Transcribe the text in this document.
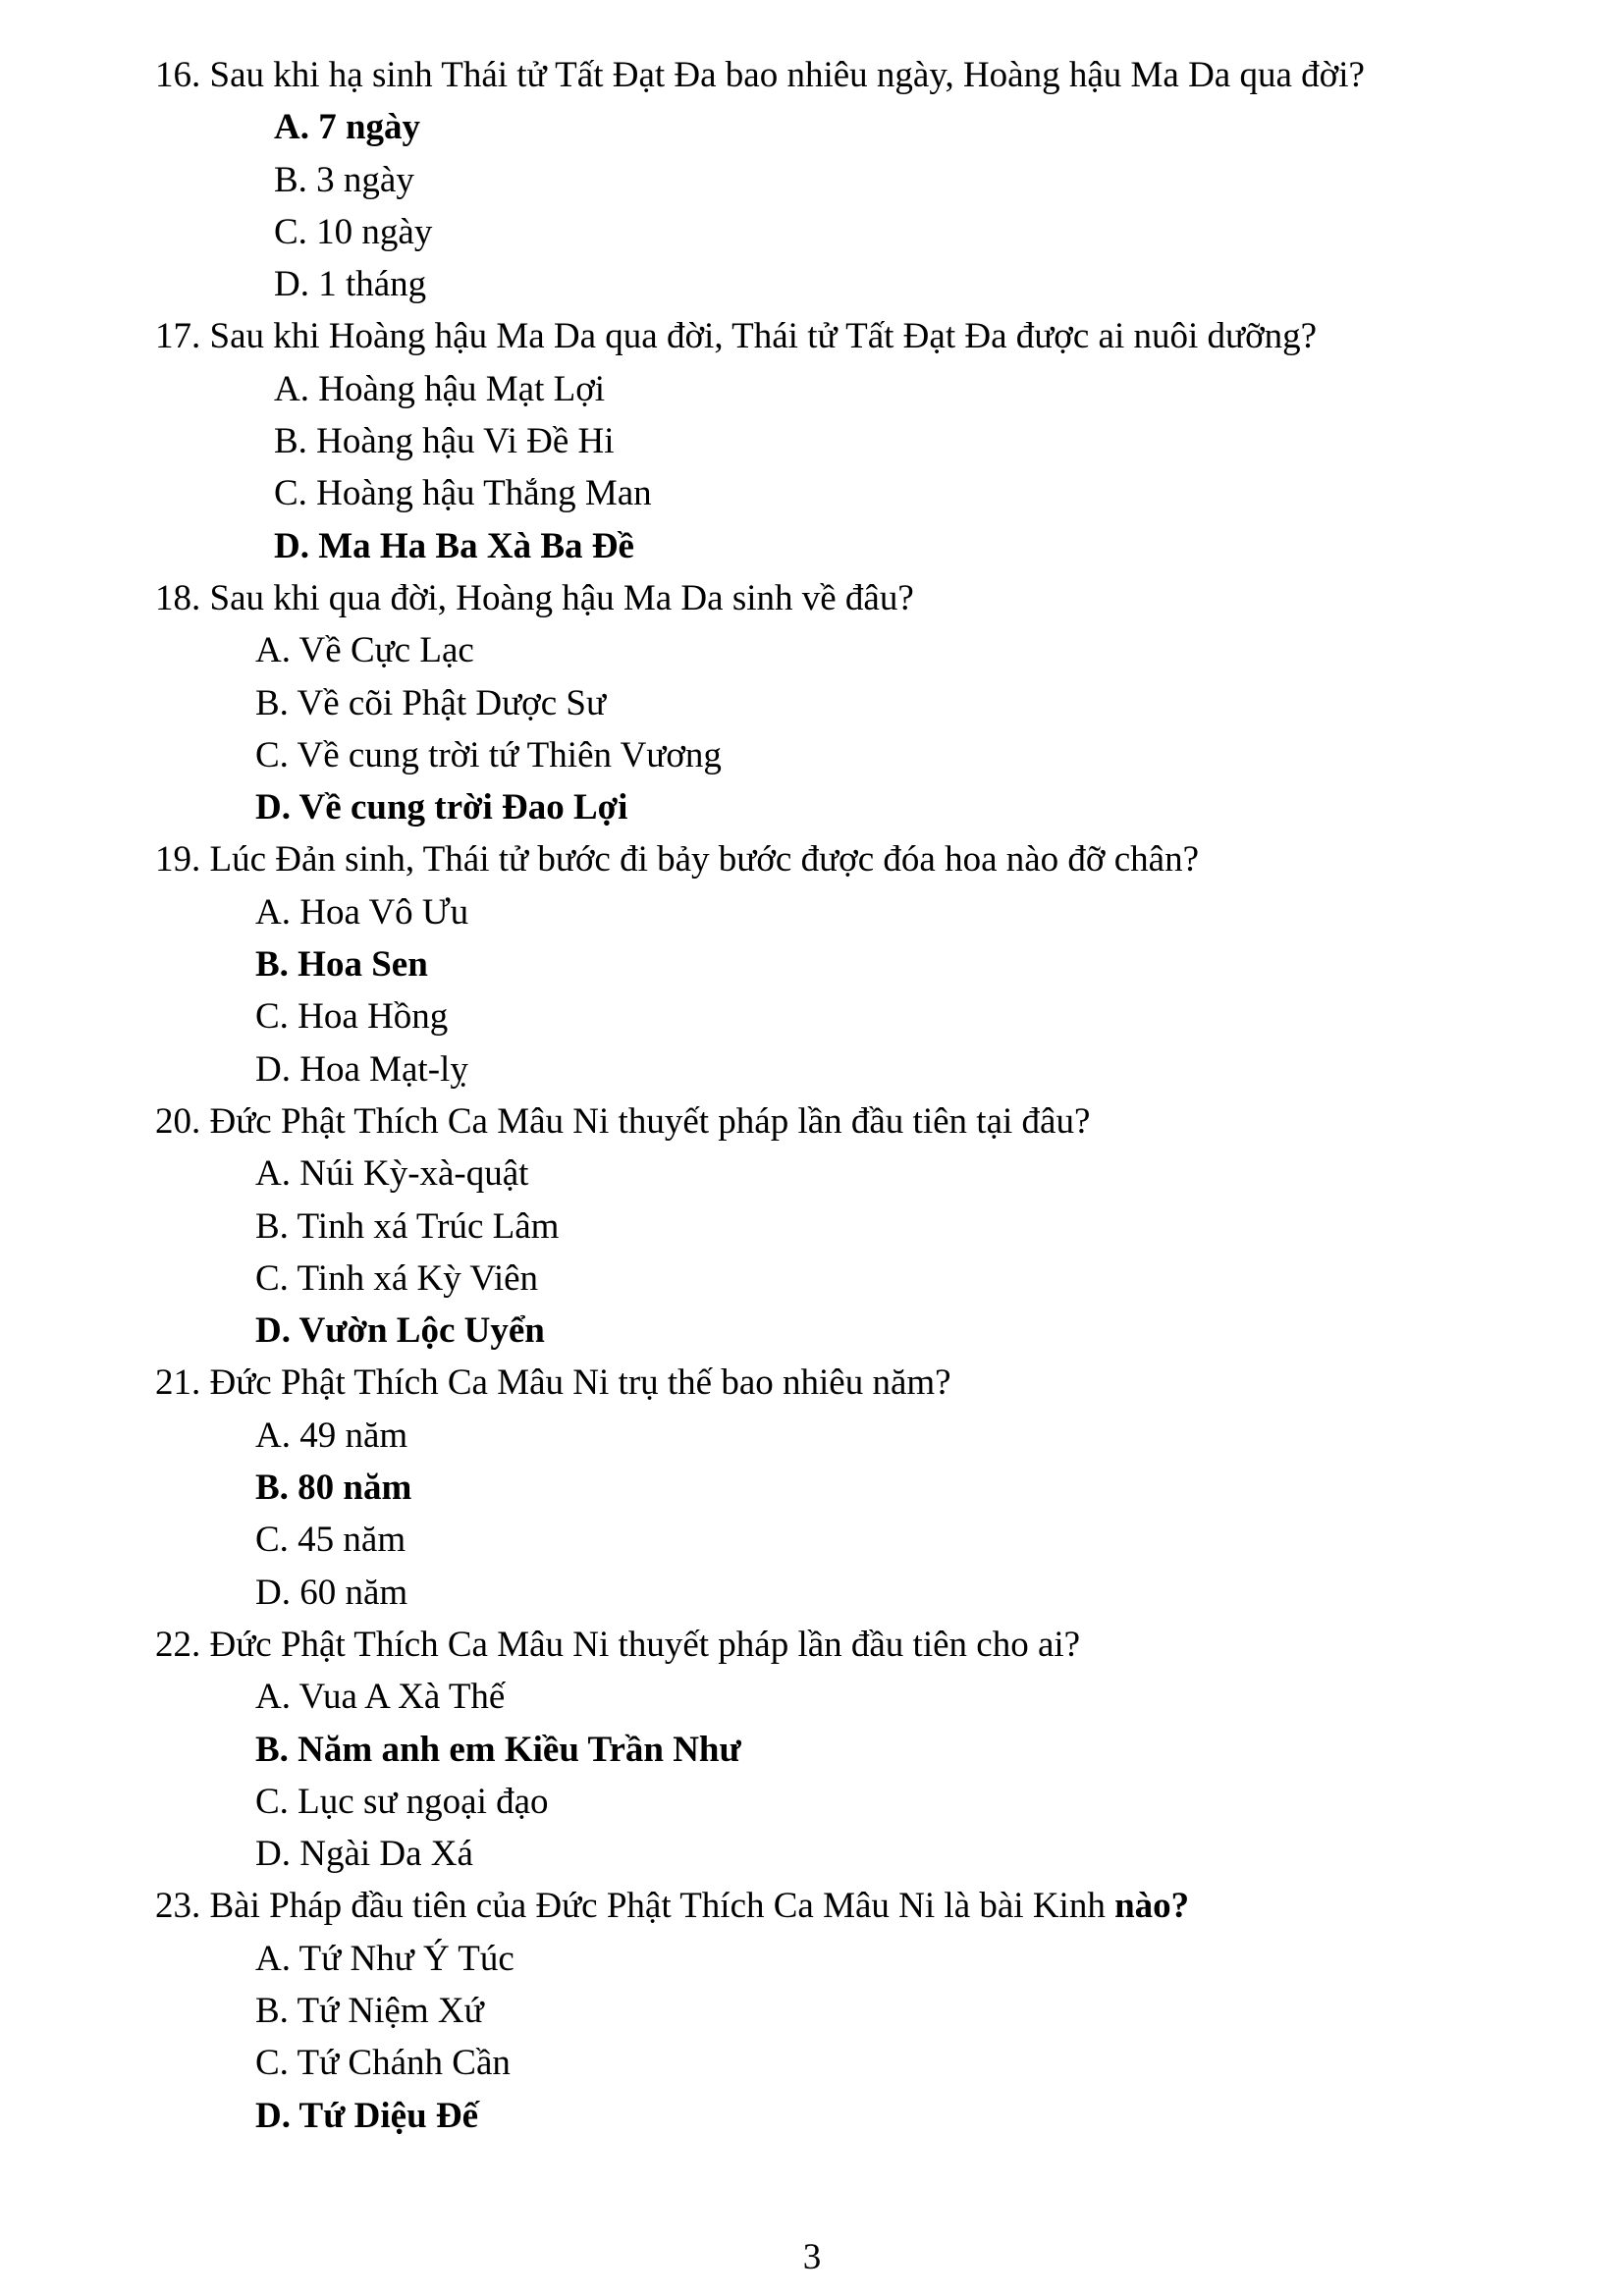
16. Sau khi hạ sinh Thái tử Tất Đạt Đa bao nhiêu ngày, Hoàng hậu Ma Da qua đời?
A. 7 ngày
B. 3 ngày
C. 10 ngày
D. 1 tháng
17. Sau khi Hoàng hậu Ma Da qua đời, Thái tử Tất Đạt Đa được ai nuôi dưỡng?
A. Hoàng hậu Mạt Lợi
B. Hoàng hậu Vi Đề Hi
C. Hoàng hậu Thắng Man
D. Ma Ha Ba Xà Ba Đề
18. Sau khi qua đời, Hoàng hậu Ma Da sinh về đâu?
A. Về Cực Lạc
B. Về cõi Phật Dược Sư
C. Về cung trời tứ Thiên Vương
D. Về cung trời Đao Lợi
19. Lúc Đản sinh, Thái tử bước đi bảy bước được đóa hoa nào đỡ chân?
A. Hoa Vô Ưu
B. Hoa Sen
C. Hoa Hồng
D. Hoa Mạt-lỵ
20. Đức Phật Thích Ca Mâu Ni thuyết pháp lần đầu tiên tại đâu?
A. Núi Kỳ-xà-quật
B. Tinh xá Trúc Lâm
C. Tinh xá Kỳ Viên
D. Vườn Lộc Uyển
21. Đức Phật Thích Ca Mâu Ni trụ thế bao nhiêu năm?
A. 49 năm
B. 80 năm
C. 45 năm
D. 60 năm
22. Đức Phật Thích Ca Mâu Ni thuyết pháp lần đầu tiên cho ai?
A. Vua A Xà Thế
B. Năm anh em Kiều Trần Như
C. Lục sư ngoại đạo
D. Ngài Da Xá
23. Bài Pháp đầu tiên của Đức Phật Thích Ca Mâu Ni là bài Kinh nào?
A. Tứ Như Ý Túc
B. Tứ Niệm Xứ
C. Tứ Chánh Cần
D. Tứ Diệu Đế
3
